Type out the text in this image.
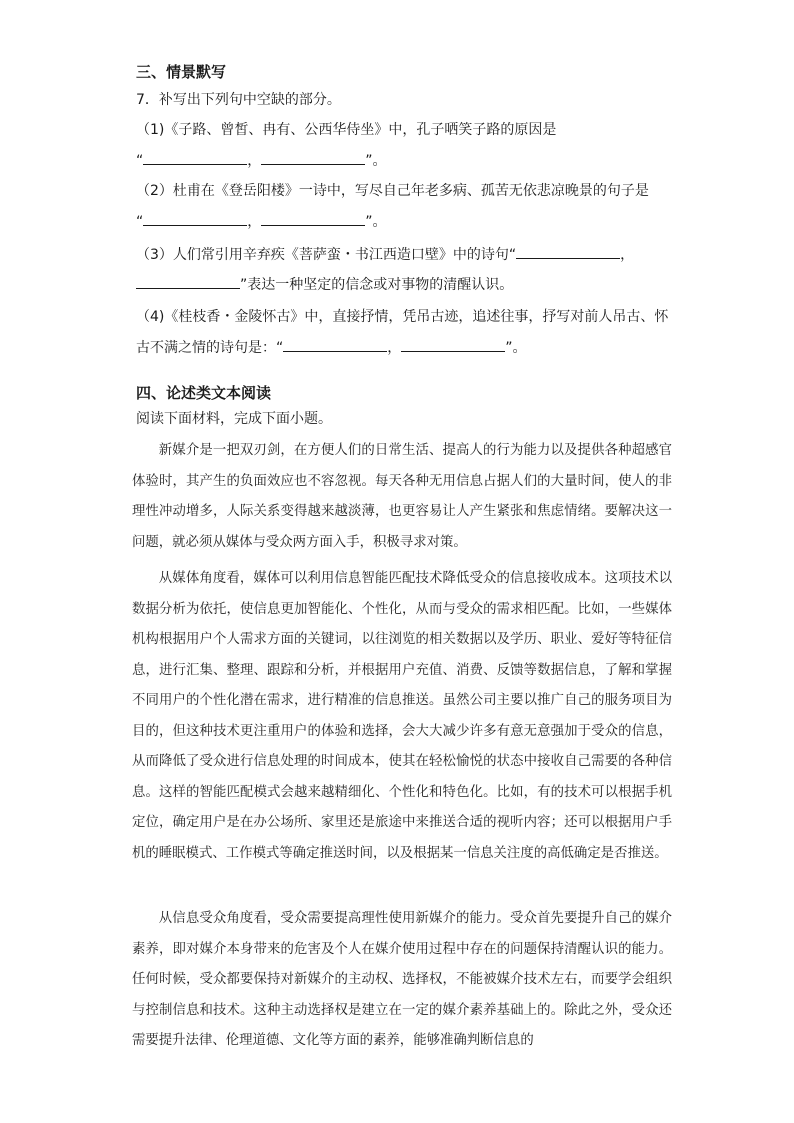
三、情景默写
7．补写出下列句中空缺的部分。
（1)《子路、曾皙、冉有、公西华侍坐》中，孔子哂笑子路的原因是
“	，	”。
（2）杜甫在《登岳阳楼》一诗中，写尽自己年老多病、孤苦无依悲凉晚景的句子是
“	，	”。
（3）人们常引用辛弃疾《菩萨蛮・书江西造口壁》中的诗句“	，
”表达一种坚定的信念或对事物的清醒认识。
（4)《桂枝香・金陵怀古》中，直接抒情，凭吊古迹，追述往事，抒写对前人吊古、怀
古不满之情的诗句是：“	，	”。
四、论述类文本阅读
阅读下面材料，完成下面小题。

新媒介是一把双刃剑，在方便人们的日常生活、提高人的行为能力以及提供各种超感官体验时，其产生的负面效应也不容忽视。每天各种无用信息占据人们的大量时间，使人的非理性冲动增多，人际关系变得越来越淡薄，也更容易让人产生紧张和焦虑情绪。要解决这一问题，就必须从媒体与受众两方面入手，积极寻求对策。

从媒体角度看，媒体可以利用信息智能匹配技术降低受众的信息接收成本。这项技术以数据分析为依托，使信息更加智能化、个性化，从而与受众的需求相匹配。比如，一些媒体机构根据用户个人需求方面的关键词，以往浏览的相关数据以及学历、职业、爱好等特征信息，进行汇集、整理、跟踪和分析，并根据用户充值、消费、反馈等数据信息，了解和掌握不同用户的个性化潜在需求，进行精准的信息推送。虽然公司主要以推广自己的服务项目为目的，但这种技术更注重用户的体验和选择，会大大减少许多有意无意强加于受众的信息，从而降低了受众进行信息处理的时间成本，使其在轻松愉悦的状态中接收自己需要的各种信息。这样的智能匹配模式会越来越精细化、个性化和特色化。比如，有的技术可以根据手机定位，确定用户是在办公场所、家里还是旅途中来推送合适的视听内容；还可以根据用户手机的睡眠模式、工作模式等确定推送时间，以及根据某一信息关注度的高低确定是否推送。

从信息受众角度看，受众需要提高理性使用新媒介的能力。受众首先要提升自己的媒介素养，即对媒介本身带来的危害及个人在媒介使用过程中存在的问题保持清醒认识的能力。任何时候，受众都要保持对新媒介的主动权、选择权，不能被媒介技术左右，而要学会组织与控制信息和技术。这种主动选择权是建立在一定的媒介素养基础上的。除此之外，受众还需要提升法律、伦理道德、文化等方面的素养，能够准确判断信息的
